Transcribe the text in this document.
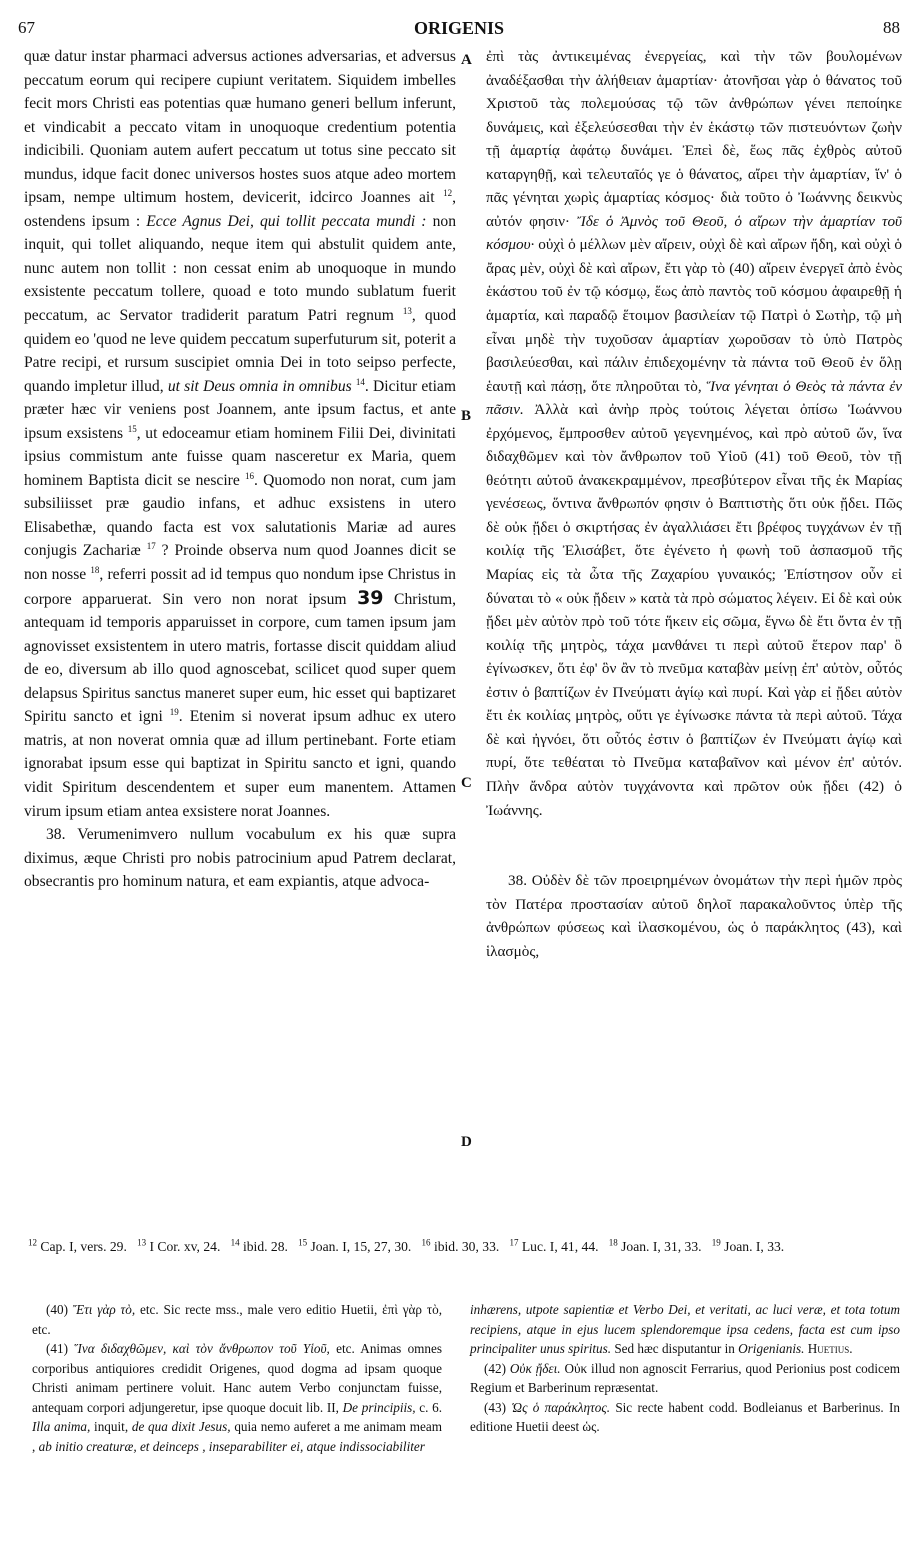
67	ORIGENIS	88
A
B
C
D

quæ datur instar pharmaci adversus actiones adversarias, et adversus peccatum eorum qui recipere cupiunt veritatem. Siquidem imbelles fecit mors Christi eas potentias quæ humano generi bellum inferunt, et vindicabit a peccato vitam in unoquoque credentium potentia indicibili. Quoniam autem aufert peccatum ut totus sine peccato sit mundus, idque facit donec universos hostes suos atque adeo mortem ipsam, nempe ultimum hostem, devicerit, idcirco Joannes ait $^{12}$, ostendens ipsum : Ecce Agnus Dei, qui tollit peccata mundi : non inquit, qui tollet aliquando, neque item qui abstulit quidem ante, nunc autem non tollit : non cessat enim ab unoquoque in mundo exsistente peccatum tollere, quoad e toto mundo sublatum fuerit peccatum, ac Servator tradiderit paratum Patri regnum $^{13}$, quod quidem eo 'quod ne leve quidem peccatum superfuturum sit, poterit a Patre recipi, et rursum suscipiet omnia Dei in toto seipso perfecte, quando impletur illud, ut sit Deus omnia in omnibus $^{14}$. Dicitur etiam præter hæc vir veniens post Joannem, ante ipsum factus, et ante ipsum exsistens $^{15}$, ut edoceamur etiam hominem Filii Dei, divinitati ipsius commistum ante fuisse quam nasceretur ex Maria, quem hominem Baptista dicit se nescire $^{16}$. Quomodo non norat, cum jam subsiliisset præ gaudio infans, et adhuc exsistens in utero Elisabethæ, quando facta est vox salutationis Mariæ ad aures conjugis Zachariæ $^{17}$ ? Proinde observa num quod Joannes dicit se non nosse $^{18}$, referri possit ad id tempus quo nondum ipse Christus in corpore apparuerat. Sin vero non norat ipsum 39 Christum, antequam id temporis apparuisset in corpore, cum tamen ipsum jam agnovisset exsistentem in utero matris, fortasse discit quiddam aliud de eo, diversum ab illo quod agnoscebat, scilicet quod super quem delapsus Spiritus sanctus maneret super eum, hic esset qui baptizaret Spiritu sancto et igni $^{19}$. Etenim si noverat ipsum adhuc ex utero matris, at non noverat omnia quæ ad illum pertinebant. Forte etiam ignorabat ipsum esse qui baptizat in Spiritu sancto et igni, quando vidit Spiritum descendentem et super eum manentem. Attamen virum ipsum etiam antea exsistere norat Joannes.

38. Verumenimvero nullum vocabulum ex his quæ supra diximus, æque Christi pro nobis patrocinium apud Patrem declarat, obsecrantis pro hominum natura, et eam expiantis, atque advoca-

ἐπὶ τὰς ἀντικειμένας ἐνεργείας, καὶ τὴν τῶν βουλομένων ἀναδέξασθαι τὴν ἀλήθειαν ἁμαρτίαν· ἀτονῆσαι γὰρ ὁ θάνατος τοῦ Χριστοῦ τὰς πολεμούσας τῷ τῶν ἀνθρώπων γένει πεποίηκε δυνάμεις, καὶ ἐξελεύσεσθαι τὴν ἐν ἑκάστῳ τῶν πιστευόντων ζωὴν τῇ ἁμαρτίᾳ ἀφάτῳ δυνάμει. Ἐπεὶ δὲ, ἕως πᾶς ἐχθρὸς αὐτοῦ καταργηθῇ, καὶ τελευταῖός γε ὁ θάνατος, αἴρει τὴν ἁμαρτίαν, ἵν' ὁ πᾶς γένηται χωρὶς ἁμαρτίας κόσμος· διὰ τοῦτο ὁ Ἰωάννης δεικνὺς αὐτόν φησιν· Ἴδε ὁ Ἀμνὸς τοῦ Θεοῦ, ὁ αἴρων τὴν ἁμαρτίαν τοῦ κόσμου· οὐχὶ ὁ μέλλων μὲν αἴρειν, οὐχὶ δὲ καὶ αἴρων ἤδη, καὶ οὐχὶ ὁ ἄρας μὲν, οὐχὶ δὲ καὶ αἴρων, ἔτι γὰρ τὸ (40) αἴρειν ἐνεργεῖ ἀπὸ ἑνὸς ἑκάστου τοῦ ἐν τῷ κόσμῳ, ἕως ἀπὸ παντὸς τοῦ κόσμου ἀφαιρεθῇ ἡ ἁμαρτία, καὶ παραδῷ ἕτοιμον βασιλείαν τῷ Πατρὶ ὁ Σωτὴρ, τῷ μὴ εἶναι μηδὲ τὴν τυχοῦσαν ἁμαρτίαν χωροῦσαν τὸ ὑπὸ Πατρὸς βασιλεύεσθαι, καὶ πάλιν ἐπιδεχομένην τὰ πάντα τοῦ Θεοῦ ἐν ὅλῃ ἑαυτῇ καὶ πάσῃ, ὅτε πληροῦται τὸ, Ἵνα γένηται ὁ Θεὸς τὰ πάντα ἐν πᾶσιν. Ἀλλὰ καὶ ἀνὴρ πρὸς τούτοις λέγεται ὀπίσω Ἰωάννου ἐρχόμενος, ἔμπροσθεν αὐτοῦ γεγενημένος, καὶ πρὸ αὐτοῦ ὤν, ἵνα διδαχθῶμεν καὶ τὸν ἄνθρωπον τοῦ Υἱοῦ (41) τοῦ Θεοῦ, τὸν τῇ θεότητι αὐτοῦ ἀνακεκραμμένον, πρεσβύτερον εἶναι τῆς ἐκ Μαρίας γενέσεως, ὅντινα ἄνθρωπόν φησιν ὁ Βαπτιστὴς ὅτι οὐκ ᾔδει. Πῶς δὲ οὐκ ᾔδει ὁ σκιρτήσας ἐν ἀγαλλιάσει ἔτι βρέφος τυγχάνων ἐν τῇ κοιλίᾳ τῆς Ἐλισάβετ, ὅτε ἐγένετο ἡ φωνὴ τοῦ ἀσπασμοῦ τῆς Μαρίας εἰς τὰ ὦτα τῆς Ζαχαρίου γυναικός; Ἐπίστησον οὖν εἰ δύναται τὸ « οὐκ ᾔδειν » κατὰ τὰ πρὸ σώματος λέγειν. Εἰ δὲ καὶ οὐκ ᾔδει μὲν αὐτὸν πρὸ τοῦ τότε ἥκειν εἰς σῶμα, ἔγνω δὲ ἔτι ὄντα ἐν τῇ κοιλίᾳ τῆς μητρὸς, τάχα μανθάνει τι περὶ αὐτοῦ ἕτερον παρ' ὃ ἐγίνωσκεν, ὅτι ἐφ' ὃν ἂν τὸ πνεῦμα καταβὰν μείνῃ ἐπ' αὐτὸν, οὗτός ἐστιν ὁ βαπτίζων ἐν Πνεύματι ἁγίῳ καὶ πυρί. Καὶ γὰρ εἰ ᾔδει αὐτὸν ἔτι ἐκ κοιλίας μητρὸς, οὔτι γε ἐγίνωσκε πάντα τὰ περὶ αὐτοῦ. Τάχα δὲ καὶ ἠγνόει, ὅτι οὗτός ἐστιν ὁ βαπτίζων ἐν Πνεύματι ἁγίῳ καὶ πυρί, ὅτε τεθέαται τὸ Πνεῦμα καταβαῖνον καὶ μένον ἐπ' αὐτόν. Πλὴν ἄνδρα αὐτὸν τυγχάνοντα καὶ πρῶτον οὐκ ᾔδει (42) ὁ Ἰωάννης.

38. Οὐδὲν δὲ τῶν προειρημένων ὀνομάτων τὴν περὶ ἡμῶν πρὸς τὸν Πατέρα προστασίαν αὐτοῦ δηλοῖ παρακαλοῦντος ὑπὲρ τῆς ἀνθρώπων φύσεως καὶ ἱλασκομένου, ὡς ὁ παράκλητος (43), καὶ ἱλασμὸς,

$^{12}$ Cap. I, vers. 29. $^{13}$ I Cor. xv, 24. $^{14}$ ibid. 28. $^{15}$ Joan. I, 15, 27, 30. $^{16}$ ibid. 30, 33. $^{17}$ Luc. I, 41, 44. $^{18}$ Joan. I, 31, 33. $^{19}$ Joan. I, 33.

(40) Ἔτι γὰρ τὸ, etc. Sic recte mss., male vero editio Huetii, ἐπὶ γὰρ τὸ, etc.

(41) Ἵνα διδαχθῶμεν, καὶ τὸν ἄνθρωπον τοῦ Υἱοῦ, etc. Animas omnes corporibus antiquiores credidit Origenes, quod dogma ad ipsam quoque Christi animam pertinere voluit. Hanc autem Verbo conjunctam fuisse, antequam corpori adjungeretur, ipse quoque docuit lib. II, De principiis, c. 6. Illa anima, inquit, de qua dixit Jesus, quia nemo auferet a me animam meam , ab initio creaturæ, et deinceps , inseparabiliter ei, atque indissociabiliter

inhærens, utpote sapientiæ et Verbo Dei, et veritati, ac luci veræ, et tota totum recipiens, atque in ejus lucem splendoremque ipsa cedens, facta est cum ipso principaliter unus spiritus. Sed hæc disputantur in Origenianis. Huetius.

(42) Οὐκ ᾔδει. Οὐκ illud non agnoscit Ferrarius, quod Perionius post codicem Regium et Barberinum repræsentat.

(43) Ὡς ὁ παράκλητος. Sic recte habent codd. Bodleianus et Barberinus. In editione Huetii deest ὡς.
